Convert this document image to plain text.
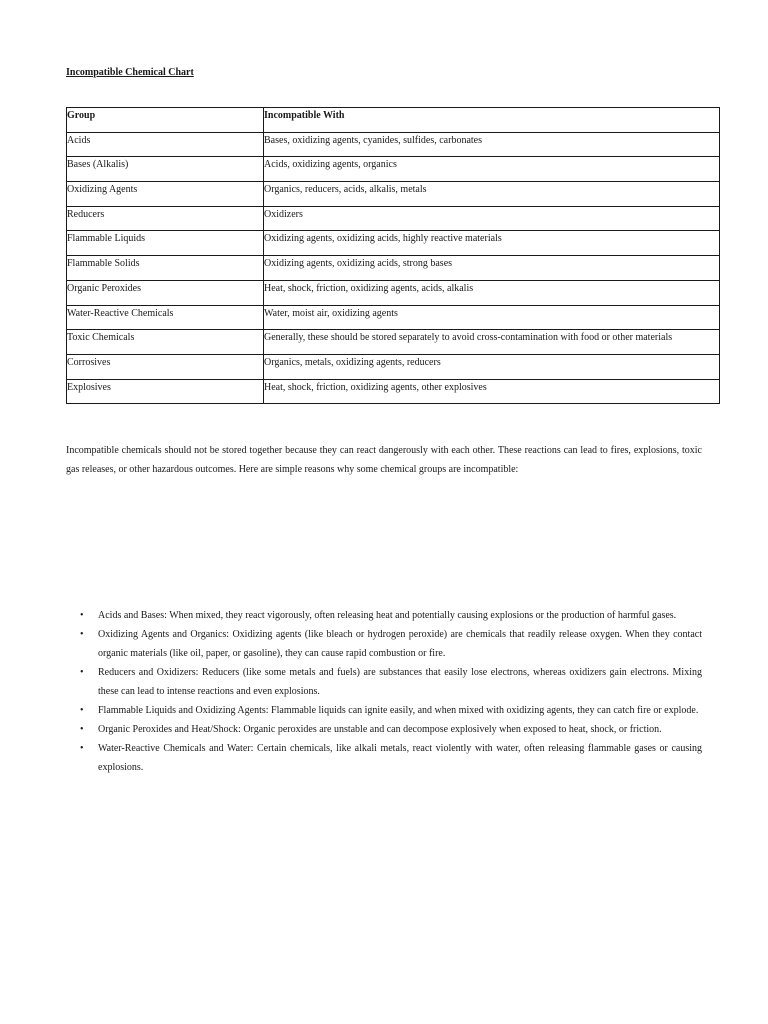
Incompatible Chemical Chart
Group	Incompatible With
Acids	Bases, oxidizing agents, cyanides, sulfides, carbonates
Bases (Alkalis)	Acids, oxidizing agents, organics
Oxidizing Agents	Organics, reducers, acids, alkalis, metals
Reducers	Oxidizers
Flammable Liquids	Oxidizing agents, oxidizing acids, highly reactive materials
Flammable Solids	Oxidizing agents, oxidizing acids, strong bases
Organic Peroxides	Heat, shock, friction, oxidizing agents, acids, alkalis
Water-Reactive Chemicals	Water, moist air, oxidizing agents
Toxic Chemicals	Generally, these should be stored separately to avoid cross-contamination with food or other materials
Corrosives	Organics, metals, oxidizing agents, reducers
Explosives	Heat, shock, friction, oxidizing agents, other explosives

Incompatible chemicals should not be stored together because they can react dangerously with each other. These reactions can lead to fires, explosions, toxic gas releases, or other hazardous outcomes. Here are simple reasons why some chemical groups are incompatible:

• Acids and Bases: When mixed, they react vigorously, often releasing heat and potentially causing explosions or the production of harmful gases.
• Oxidizing Agents and Organics: Oxidizing agents (like bleach or hydrogen peroxide) are chemicals that readily release oxygen. When they contact organic materials (like oil, paper, or gasoline), they can cause rapid combustion or fire.
• Reducers and Oxidizers: Reducers (like some metals and fuels) are substances that easily lose electrons, whereas oxidizers gain electrons. Mixing these can lead to intense reactions and even explosions.
• Flammable Liquids and Oxidizing Agents: Flammable liquids can ignite easily, and when mixed with oxidizing agents, they can catch fire or explode.
• Organic Peroxides and Heat/Shock: Organic peroxides are unstable and can decompose explosively when exposed to heat, shock, or friction.
• Water-Reactive Chemicals and Water: Certain chemicals, like alkali metals, react violently with water, often releasing flammable gases or causing explosions.
